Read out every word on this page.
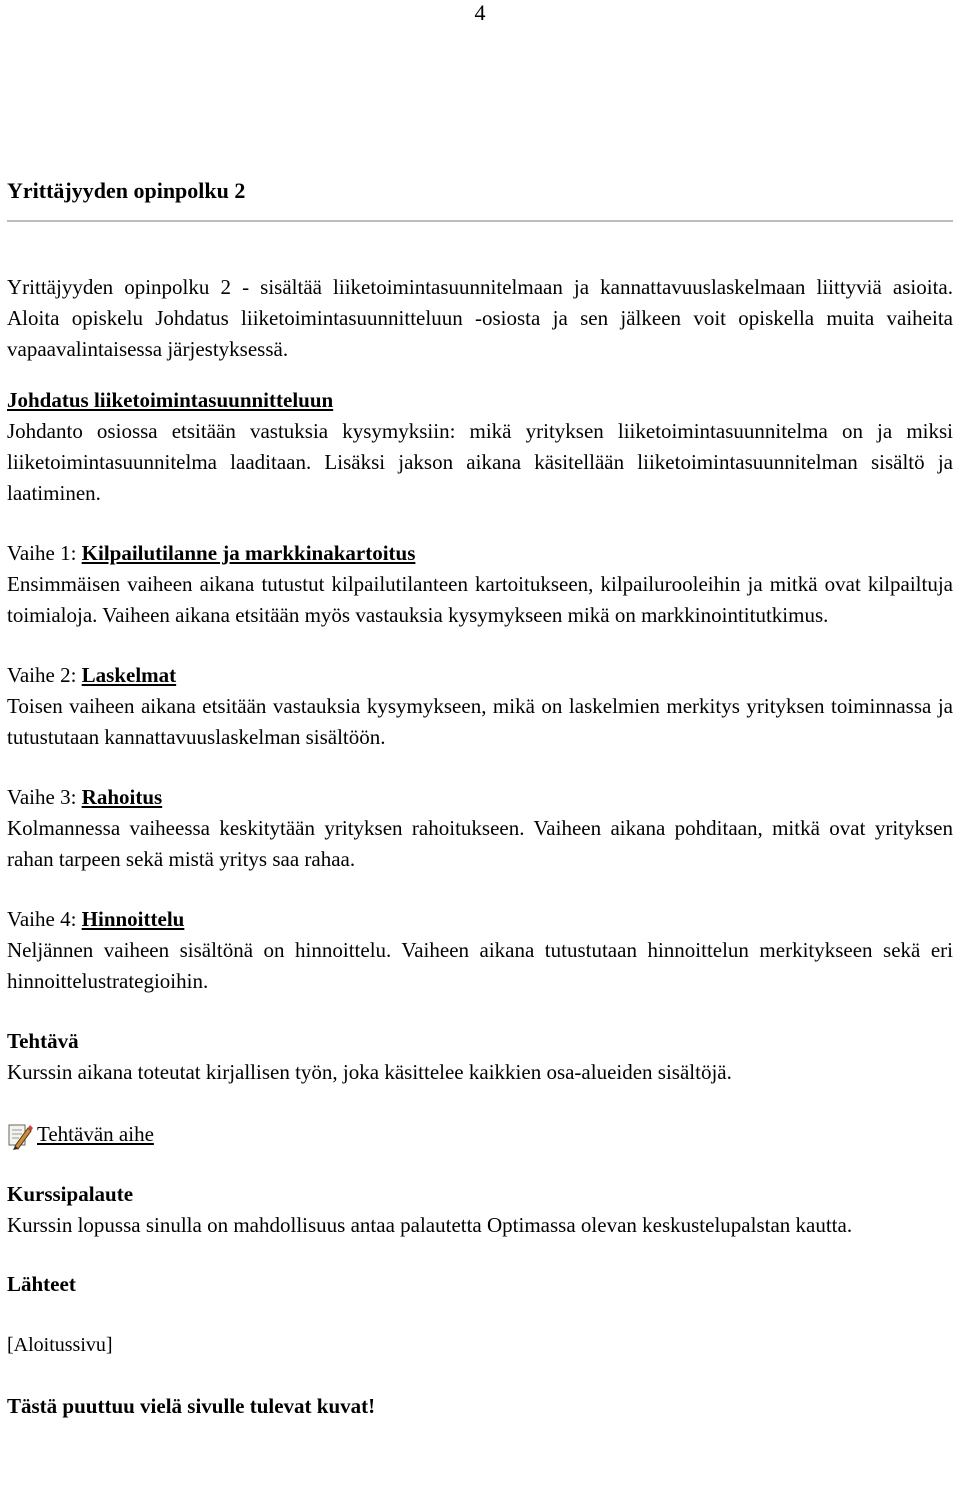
4
Yrittäjyyden opinpolku 2

Yrittäjyyden opinpolku 2 - sisältää liiketoimintasuunnitelmaan ja kannattavuuslaskelmaan liittyviä asioita. Aloita opiskelu Johdatus liiketoimintasuunnitteluun -osiosta ja sen jälkeen voit opiskella muita vaiheita vapaavalintaisessa järjestyksessä.

Johdatus liiketoimintasuunnitteluun

Johdanto osiossa etsitään vastuksia kysymyksiin: mikä yrityksen liiketoimintasuunnitelma on ja miksi liiketoimintasuunnitelma laaditaan. Lisäksi jakson aikana käsitellään liiketoimintasuunnitelman sisältö ja laatiminen.

Vaihe 1: Kilpailutilanne ja markkinakartoitus

Ensimmäisen vaiheen aikana tutustut kilpailutilanteen kartoitukseen, kilpailurooleihin ja mitkä ovat kilpailtuja toimialoja. Vaiheen aikana etsitään myös vastauksia kysymykseen mikä on markkinointitutkimus.

Vaihe 2: Laskelmat

Toisen vaiheen aikana etsitään vastauksia kysymykseen, mikä on laskelmien merkitys yrityksen toiminnassa ja tutustutaan kannattavuuslaskelman sisältöön.

Vaihe 3: Rahoitus

Kolmannessa vaiheessa keskitytään yrityksen rahoitukseen. Vaiheen aikana pohditaan, mitkä ovat yrityksen rahan tarpeen sekä mistä yritys saa rahaa.

Vaihe 4: Hinnoittelu

Neljännen vaiheen sisältönä on hinnoittelu. Vaiheen aikana tutustutaan hinnoittelun merkitykseen sekä eri hinnoittelustrategioihin.

Tehtävä

Kurssin aikana toteutat kirjallisen työn, joka käsittelee kaikkien osa-alueiden sisältöjä.

Tehtävän aihe

Kurssipalaute

Kurssin lopussa sinulla on mahdollisuus antaa palautetta Optimassa olevan keskustelupalstan kautta.

Lähteet

[Aloitussivu]

Tästä puuttuu vielä sivulle tulevat kuvat!
